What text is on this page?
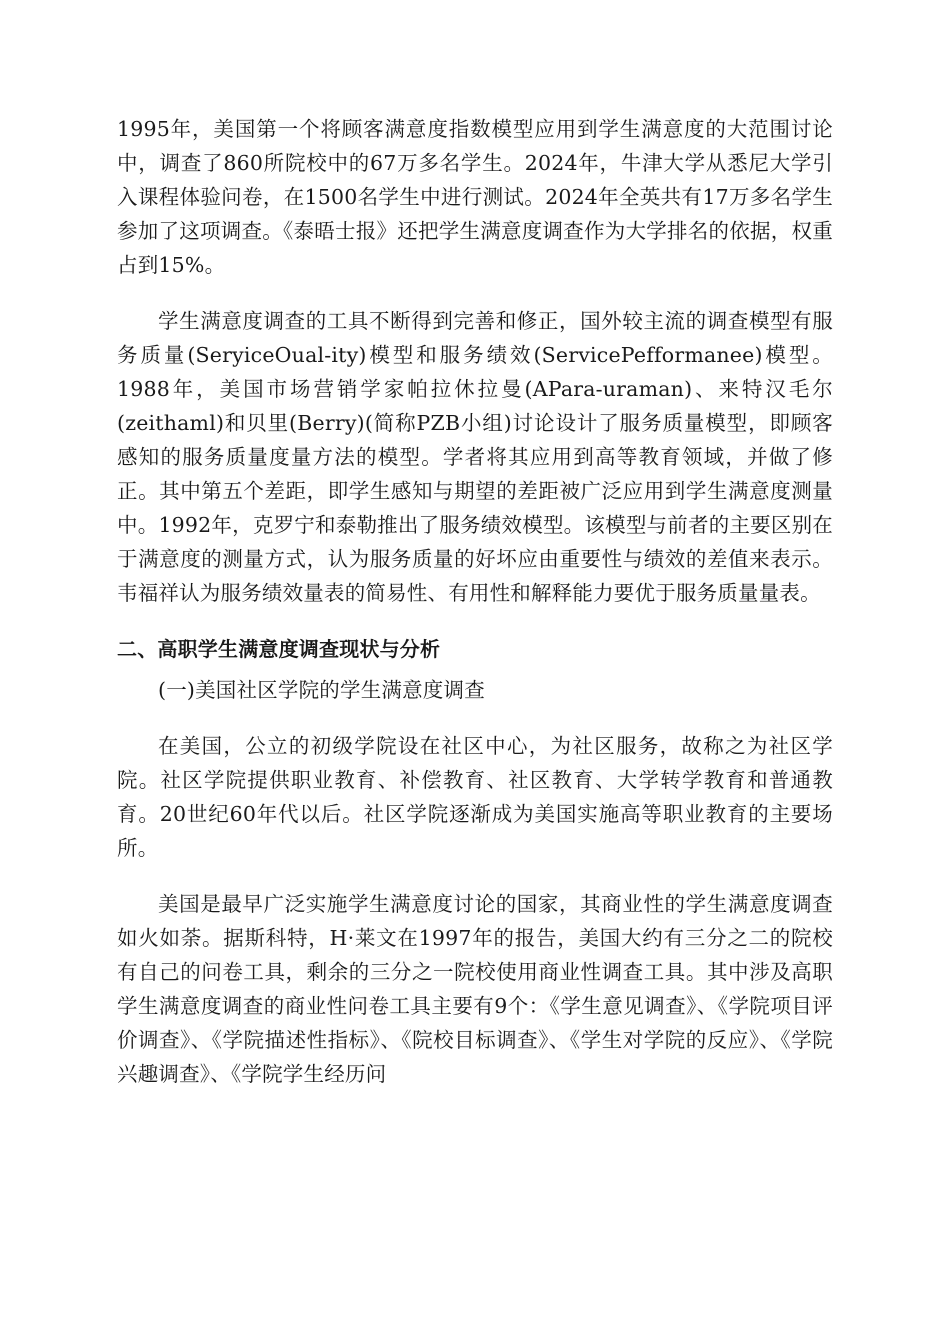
1995年，美国第一个将顾客满意度指数模型应用到学生满意度的大范围讨论中，调查了860所院校中的67万多名学生。2024年，牛津大学从悉尼大学引入课程体验问卷，在1500名学生中进行测试。2024年全英共有17万多名学生参加了这项调查。《泰晤士报》还把学生满意度调查作为大学排名的依据，权重占到15%。

学生满意度调查的工具不断得到完善和修正，国外较主流的调查模型有服务质量(SeryiceOual-ity)模型和服务绩效(ServicePefformanee)模型。1988年，美国市场营销学家帕拉休拉曼(APara-uraman)、来特汉毛尔(zeithaml)和贝里(Berry)(简称PZB小组)讨论设计了服务质量模型，即顾客感知的服务质量度量方法的模型。学者将其应用到高等教育领域，并做了修正。其中第五个差距，即学生感知与期望的差距被广泛应用到学生满意度测量中。1992年，克罗宁和泰勒推出了服务绩效模型。该模型与前者的主要区别在于满意度的测量方式，认为服务质量的好坏应由重要性与绩效的差值来表示。韦福祥认为服务绩效量表的简易性、有用性和解释能力要优于服务质量量表。

二、高职学生满意度调查现状与分析

(一)美国社区学院的学生满意度调查

在美国，公立的初级学院设在社区中心，为社区服务，故称之为社区学院。社区学院提供职业教育、补偿教育、社区教育、大学转学教育和普通教育。20世纪60年代以后。社区学院逐渐成为美国实施高等职业教育的主要场所。

美国是最早广泛实施学生满意度讨论的国家，其商业性的学生满意度调查如火如荼。据斯科特，H·莱文在1997年的报告，美国大约有三分之二的院校有自己的问卷工具，剩余的三分之一院校使用商业性调查工具。其中涉及高职学生满意度调查的商业性问卷工具主要有9个：《学生意见调查》、《学院项目评价调查》、《学院描述性指标》、《院校目标调查》、《学生对学院的反应》、《学院兴趣调查》、《学院学生经历问
